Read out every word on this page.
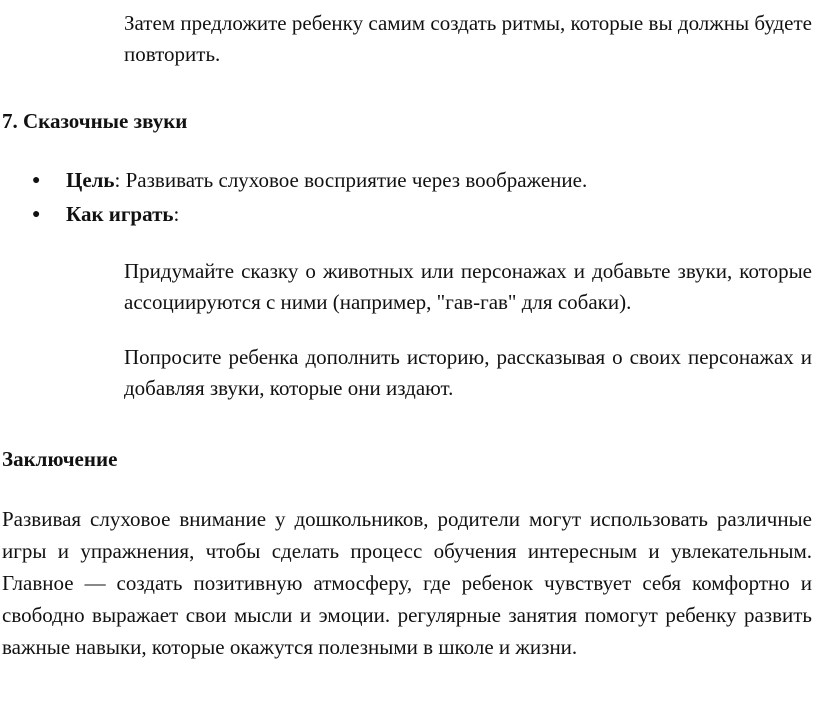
Затем предложите ребенку самим создать ритмы, которые вы должны будете повторить.

7. Сказочные звуки

● Цель: Развивать слуховое восприятие через воображение.

● Как играть:

Придумайте сказку о животных или персонажах и добавьте звуки, которые ассоциируются с ними (например, "гав-гав" для собаки).

Попросите ребенка дополнить историю, рассказывая о своих персонажах и добавляя звуки, которые они издают.

Заключение

Развивая слуховое внимание у дошкольников, родители могут использовать различные игры и упражнения, чтобы сделать процесс обучения интересным и увлекательным. Главное — создать позитивную атмосферу, где ребенок чувствует себя комфортно и свободно выражает свои мысли и эмоции. регулярные занятия помогут ребенку развить важные навыки, которые окажутся полезными в школе и жизни.
